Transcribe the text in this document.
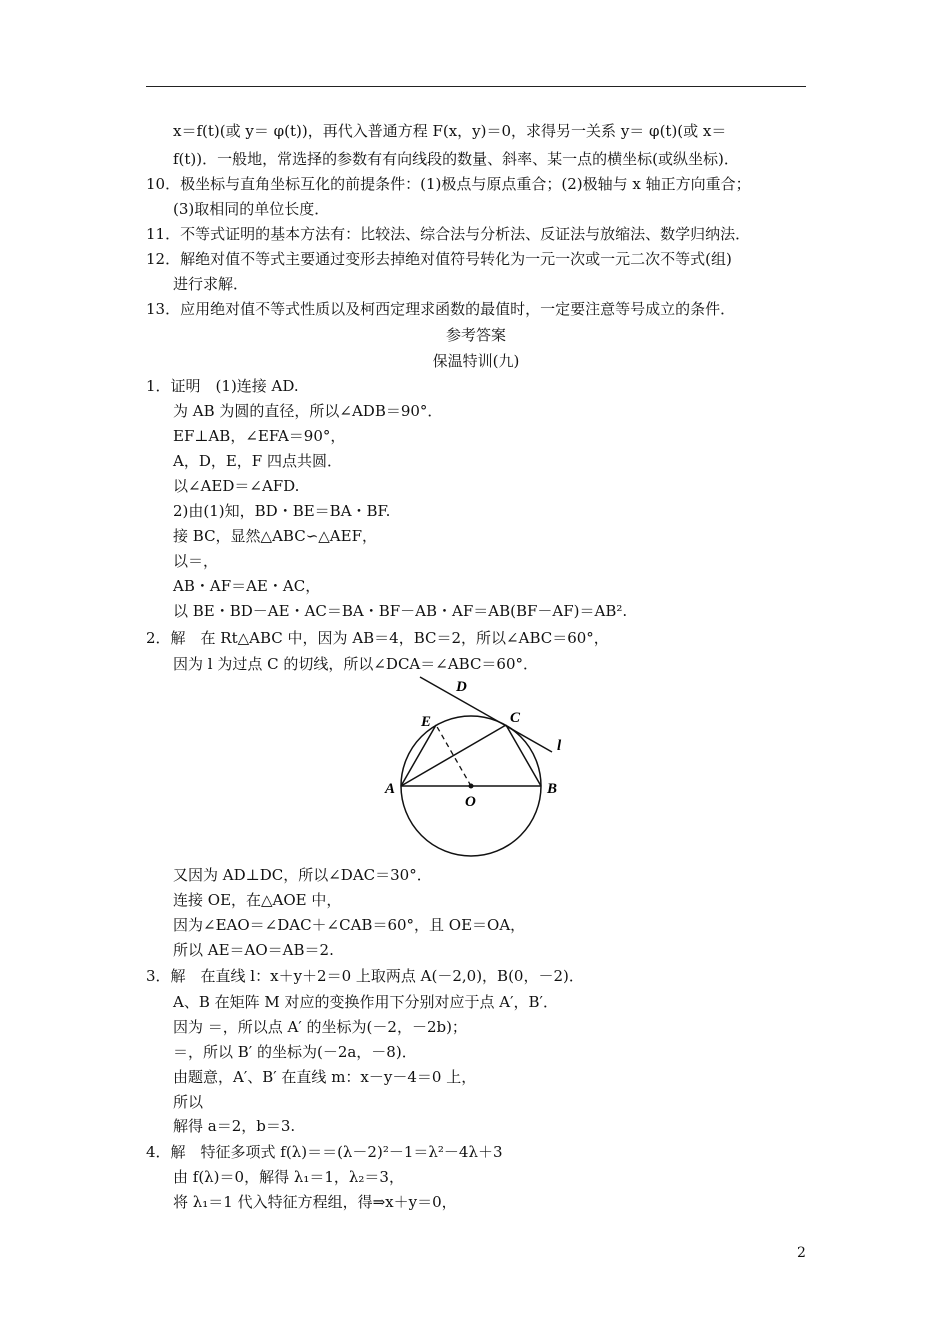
x＝f(t)(或 y＝ φ(t))，再代入普通方程 F(x，y)＝0，求得另一关系 y＝ φ(t)(或 x＝
f(t))．一般地，常选择的参数有有向线段的数量、斜率、某一点的横坐标(或纵坐标)．
10．极坐标与直角坐标互化的前提条件：(1)极点与原点重合；(2)极轴与 x 轴正方向重合；
(3)取相同的单位长度．
11．不等式证明的基本方法有：比较法、综合法与分析法、反证法与放缩法、数学归纳法．
12．解绝对值不等式主要通过变形去掉绝对值符号转化为一元一次或一元二次不等式(组)
进行求解．
13．应用绝对值不等式性质以及柯西定理求函数的最值时，一定要注意等号成立的条件．
参考答案
保温特训(九)
1．证明　(1)连接 AD.
为 AB 为圆的直径，所以∠ADB＝90°．
EF⊥AB，∠EFA＝90°，
A，D，E，F 四点共圆．
以∠AED＝∠AFD.
2)由(1)知，BD・BE＝BA・BF.
接 BC，显然△ABC∽△AEF，
以＝，
AB・AF＝AE・AC，
以 BE・BD－AE・AC＝BA・BF－AB・AF＝AB(BF－AF)＝AB².
2．解　在 Rt△ABC 中，因为 AB＝4，BC＝2，所以∠ABC＝60°，
因为 l 为过点 C 的切线，所以∠DCA＝∠ABC＝60°．
A	B
C
D
E
O
l
又因为 AD⊥DC，所以∠DAC＝30°．
连接 OE，在△AOE 中，
因为∠EAO＝∠DAC＋∠CAB＝60°，且 OE＝OA，
所以 AE＝AO＝AB＝2.
3．解　在直线 l：x＋y＋2＝0 上取两点 A(－2,0)，B(0，－2)．
A、B 在矩阵 M 对应的变换作用下分别对应于点 A′，B′．
因为 ＝，所以点 A′ 的坐标为(－2，－2b)；
＝，所以 B′ 的坐标为(－2a，－8)．
由题意，A′、B′ 在直线 m：x－y－4＝0 上，
所以
解得 a＝2，b＝3.
4．解　特征多项式 f(λ)＝＝(λ－2)²－1＝λ²－4λ＋3
由 f(λ)＝0，解得 λ₁＝1，λ₂＝3，
将 λ₁＝1 代入特征方程组，得⇒x＋y＝0，
2
